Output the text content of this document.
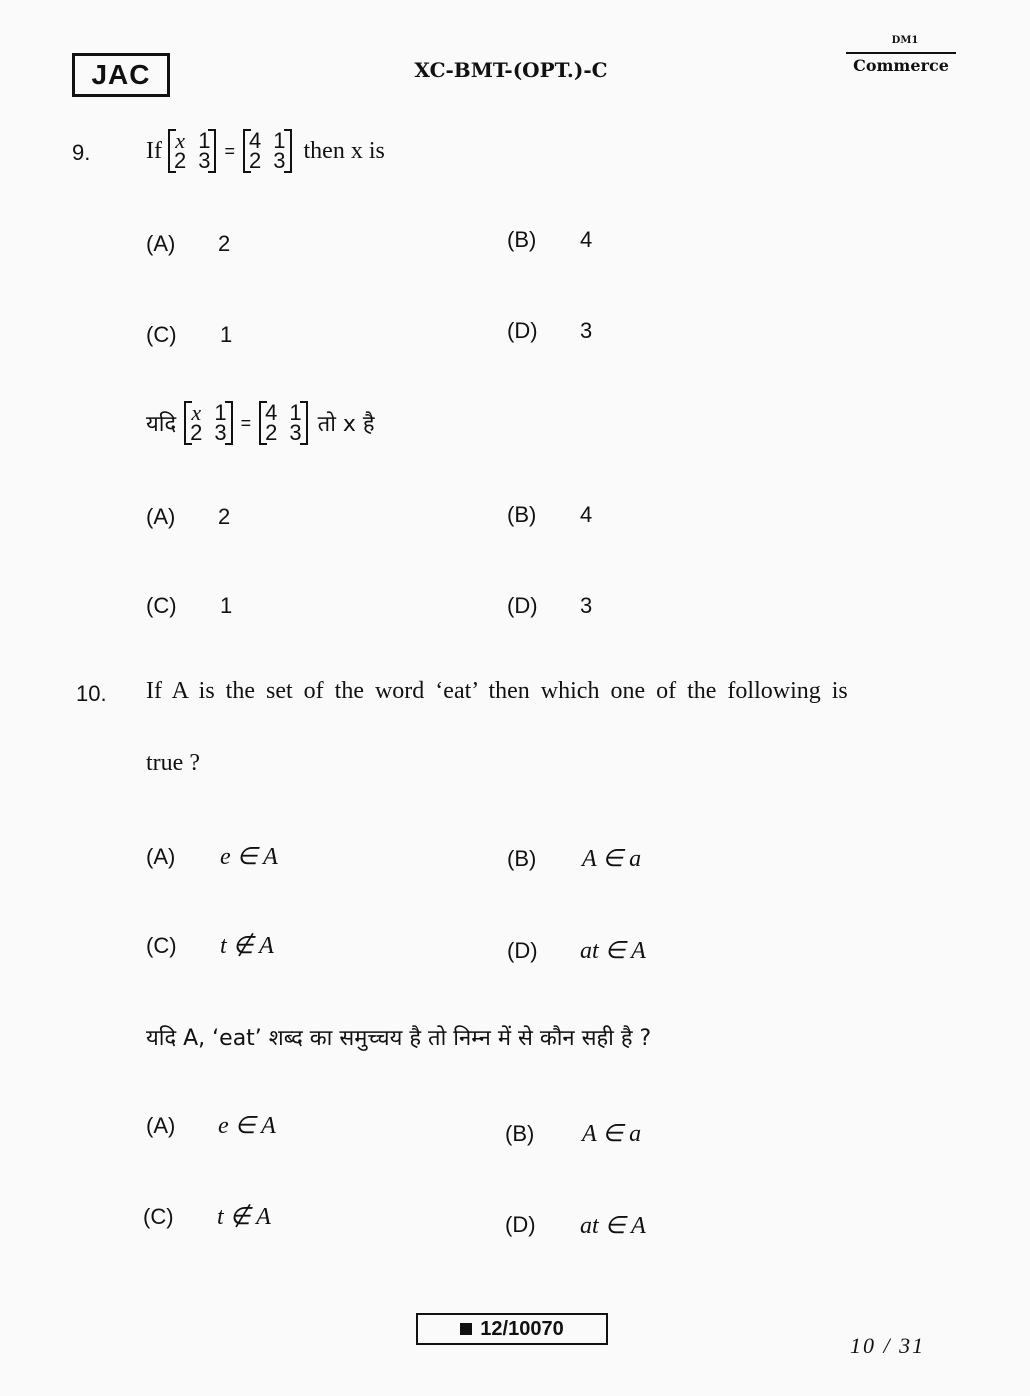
JAC	XC-BMT-(OPT.)-C
DM1
Commerce
9. If x 1
2 3 = 4 1
2 3 then x is
(A) 2	(B) 4
(C) 1	(D) 3
यदि x 1
2 3 = 4 1
2 3 तो x है
(A) 2	(B) 4
(C) 1	(D) 3
10. If A is the set of the word ‘eat’ then which one of the following is
true ?
(A) e ∈ A	(B) A ∈ a
(C) t ∉ A	(D) at ∈ A
यदि A, ‘eat’ शब्द का समुच्चय है तो निम्न में से कौन सही है ?
(A) e ∈ A	(B) A ∈ a
(C) t ∉ A	(D) at ∈ A
12/10070
10 / 31
